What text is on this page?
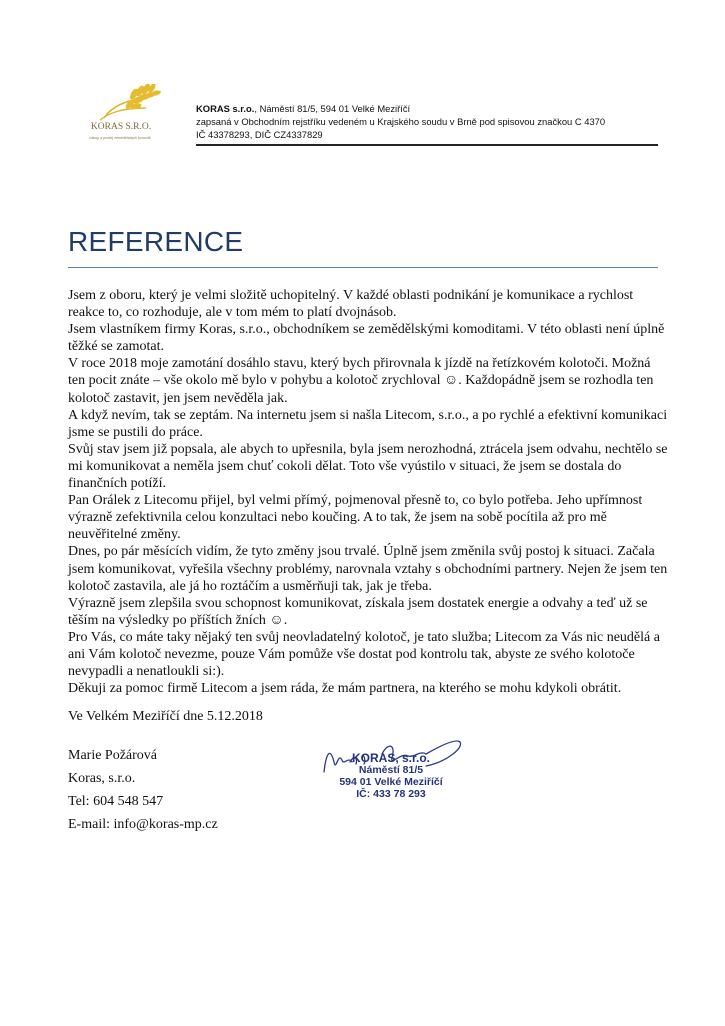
KORAS S.R.O.
nákup a prodej zemědělských komodit
KORAS s.r.o., Náměstí 81/5, 594 01 Velké Meziříčí
zapsaná v Obchodním rejstříku vedeném u Krajského soudu v Brně pod spisovou značkou C 4370
IČ 43378293, DIČ CZ4337829
REFERENCE

Jsem z oboru, který je velmi složitě uchopitelný. V každé oblasti podnikání je komunikace a rychlost reakce to, co rozhoduje, ale v tom mém to platí dvojnásob.

Jsem vlastníkem firmy Koras, s.r.o., obchodníkem se zemědělskými komoditami. V této oblasti není úplně těžké se zamotat.

V roce 2018 moje zamotání dosáhlo stavu, který bych přirovnala k jízdě na řetízkovém kolotoči. Možná ten pocit znáte – vše okolo mě bylo v pohybu a kolotoč zrychloval ☺. Každopádně jsem se rozhodla ten kolotoč zastavit, jen jsem nevěděla jak.

A když nevím, tak se zeptám. Na internetu jsem si našla Litecom, s.r.o., a po rychlé a efektivní komunikaci jsme se pustili do práce.

Svůj stav jsem již popsala, ale abych to upřesnila, byla jsem nerozhodná, ztrácela jsem odvahu, nechtělo se mi komunikovat a neměla jsem chuť cokoli dělat. Toto vše vyústilo v situaci, že jsem se dostala do finančních potíží.

Pan Orálek z Litecomu přijel, byl velmi přímý, pojmenoval přesně to, co bylo potřeba. Jeho upřímnost výrazně zefektivnila celou konzultaci nebo koučing. A to tak, že jsem na sobě pocítila až pro mě neuvěřitelné změny.

Dnes, po pár měsících vidím, že tyto změny jsou trvalé. Úplně jsem změnila svůj postoj k situaci. Začala jsem komunikovat, vyřešila všechny problémy, narovnala vztahy s obchodními partnery. Nejen že jsem ten kolotoč zastavila, ale já ho roztáčím a usměrňuji tak, jak je třeba.

Výrazně jsem zlepšila svou schopnost komunikovat, získala jsem dostatek energie a odvahy a teď už se těším na výsledky po příštích žních ☺.

Pro Vás, co máte taky nějaký ten svůj neovladatelný kolotoč, je tato služba; Litecom za Vás nic neudělá a ani Vám kolotoč nevezme, pouze Vám pomůže vše dostat pod kontrolu tak, abyste ze svého kolotoče nevypadli a nenatloukli si:).

Děkuji za pomoc firmě Litecom a jsem ráda, že mám partnera, na kterého se mohu kdykoli obrátit.

Ve Velkém Meziříčí dne 5.12.2018
Marie Požárová
Koras, s.r.o.
Tel: 604 548 547
E-mail: info@koras-mp.cz
KORAS, s.r.o.
Náměstí 81/5
594 01 Velké Meziříčí
IČ: 433 78 293
